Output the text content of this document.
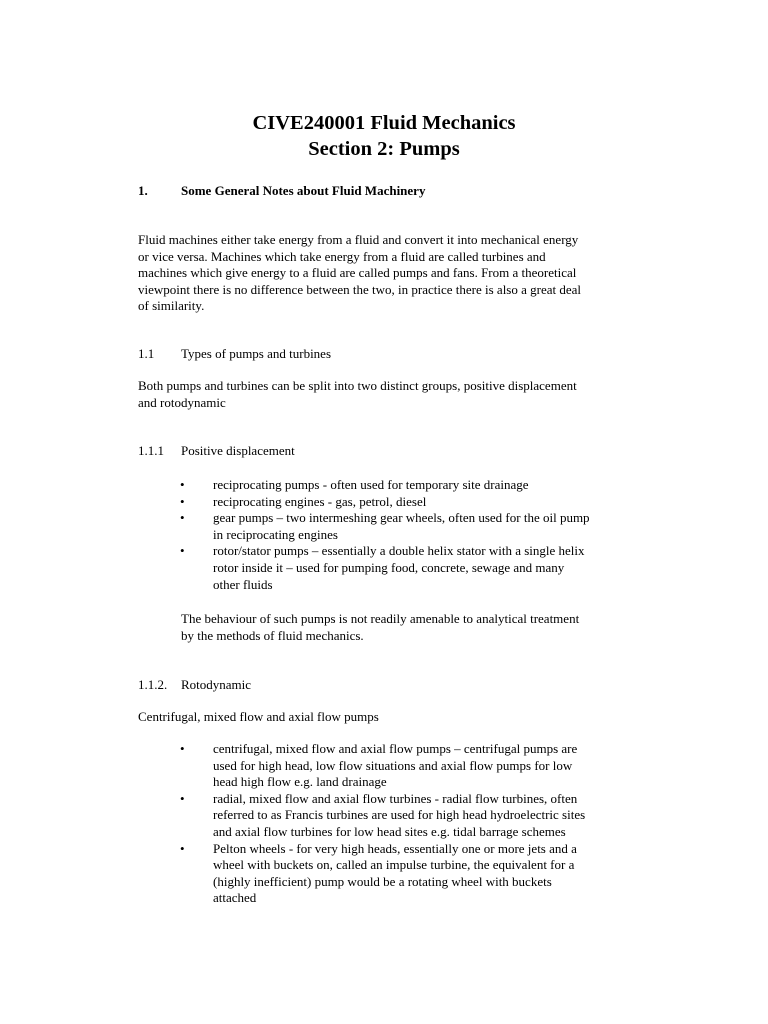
CIVE240001 Fluid Mechanics
Section 2: Pumps
1.	Some General Notes about Fluid Machinery
Fluid machines either take energy from a fluid and convert it into mechanical energy
or vice versa. Machines which take energy from a fluid are called turbines and
machines which give energy to a fluid are called pumps and fans. From a theoretical
viewpoint there is no difference between the two, in practice there is also a great deal
of similarity.
1.1 Types of pumps and turbines
Both pumps and turbines can be split into two distinct groups, positive displacement
and rotodynamic
1.1.1 Positive displacement
• reciprocating pumps - often used for temporary site drainage
• reciprocating engines - gas, petrol, diesel
• gear pumps – two intermeshing gear wheels, often used for the oil pump
in reciprocating engines
• rotor/stator pumps – essentially a double helix stator with a single helix
rotor inside it – used for pumping food, concrete, sewage and many
other fluids
The behaviour of such pumps is not readily amenable to analytical treatment
by the methods of fluid mechanics.
1.1.2. Rotodynamic
Centrifugal, mixed flow and axial flow pumps
• centrifugal, mixed flow and axial flow pumps – centrifugal pumps are
used for high head, low flow situations and axial flow pumps for low
head high flow e.g. land drainage
• radial, mixed flow and axial flow turbines - radial flow turbines, often
referred to as Francis turbines are used for high head hydroelectric sites
and axial flow turbines for low head sites e.g. tidal barrage schemes
• Pelton wheels - for very high heads, essentially one or more jets and a
wheel with buckets on, called an impulse turbine, the equivalent for a
(highly inefficient) pump would be a rotating wheel with buckets
attached
